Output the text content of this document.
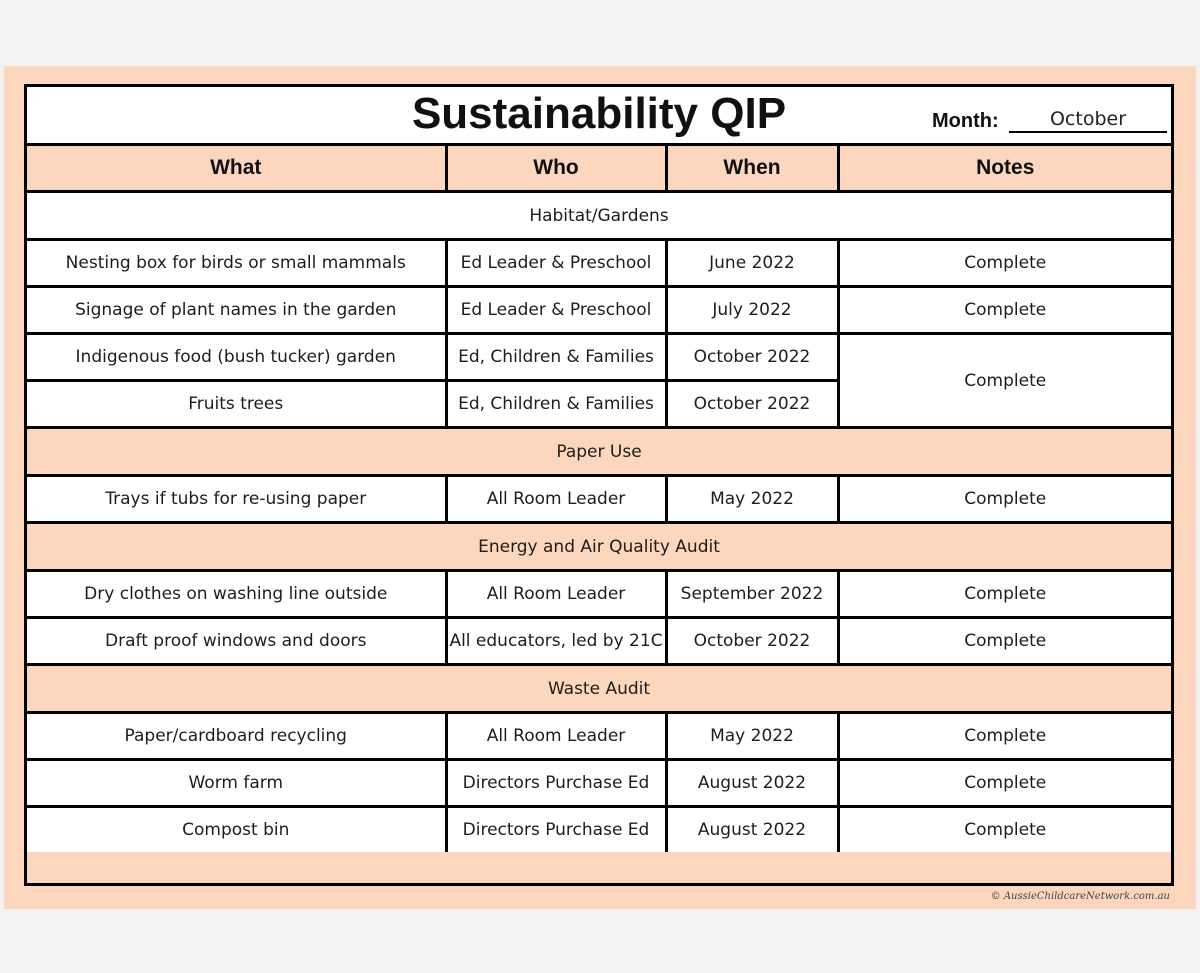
Sustainability QIP	Month:	October
What	Who	When	Notes
Habitat/Gardens			
Nesting box for birds or small mammals	Ed Leader & Preschool	June 2022	Complete
Signage of plant names in the garden	Ed Leader & Preschool	July 2022	Complete
Indigenous food (bush tucker) garden	Ed, Children & Families	October 2022	Complete
Fruits trees	Ed, Children & Families	October 2022	
Paper Use			
Trays if tubs for re-using paper	All Room Leader	May 2022	Complete
Energy and Air Quality Audit			
Dry clothes on washing line outside	All Room Leader	September 2022	Complete
Draft proof windows and doors	All educators, led by 21C	October 2022	Complete
Waste Audit			
Paper/cardboard recycling	All Room Leader	May 2022	Complete
Worm farm	Directors Purchase Ed	August 2022	Complete
Compost bin	Directors Purchase Ed	August 2022	Complete
© AussieChildcareNetwork.com.au
